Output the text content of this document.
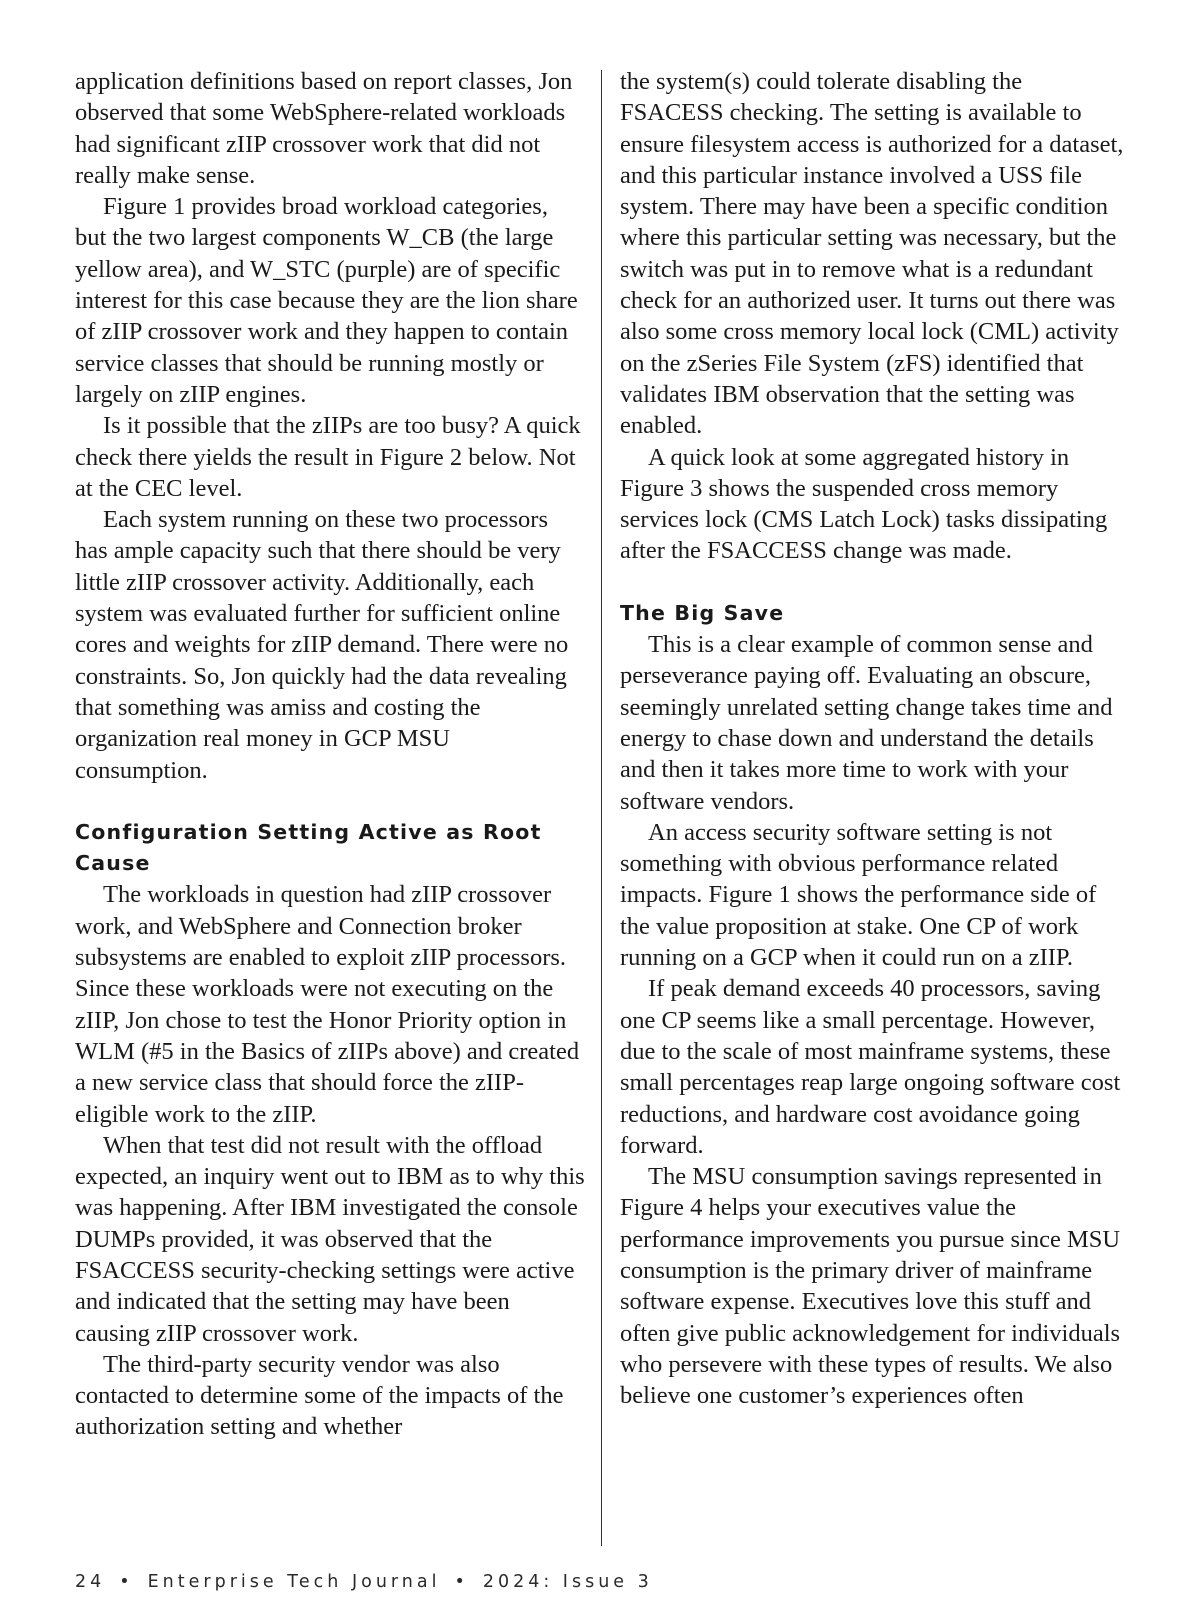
application definitions based on report classes, Jon observed that some WebSphere-related workloads had significant zIIP crossover work that did not really make sense.

Figure 1 provides broad workload categories, but the two largest components W_CB (the large yellow area), and W_STC (purple) are of specific interest for this case because they are the lion share of zIIP crossover work and they happen to contain service classes that should be running mostly or largely on zIIP engines.

Is it possible that the zIIPs are too busy? A quick check there yields the result in Figure 2 below. Not at the CEC level.

Each system running on these two processors has ample capacity such that there should be very little zIIP crossover activity. Additionally, each system was evaluated further for sufficient online cores and weights for zIIP demand. There were no constraints. So, Jon quickly had the data revealing that something was amiss and costing the organization real money in GCP MSU consumption.

Configuration Setting Active as Root Cause

The workloads in question had zIIP crossover work, and WebSphere and Connection broker subsystems are enabled to exploit zIIP processors. Since these workloads were not executing on the zIIP, Jon chose to test the Honor Priority option in WLM (#5 in the Basics of zIIPs above) and created a new service class that should force the zIIP-eligible work to the zIIP.

When that test did not result with the offload expected, an inquiry went out to IBM as to why this was happening. After IBM investigated the console DUMPs provided, it was observed that the FSACCESS security-checking settings were active and indicated that the setting may have been causing zIIP crossover work.

The third-party security vendor was also contacted to determine some of the impacts of the authorization setting and whether

the system(s) could tolerate disabling the FSACESS checking. The setting is available to ensure filesystem access is authorized for a dataset, and this particular instance involved a USS file system. There may have been a specific condition where this particular setting was necessary, but the switch was put in to remove what is a redundant check for an authorized user. It turns out there was also some cross memory local lock (CML) activity on the zSeries File System (zFS) identified that validates IBM observation that the setting was enabled.

A quick look at some aggregated history in Figure 3 shows the suspended cross memory services lock (CMS Latch Lock) tasks dissipating after the FSACCESS change was made.

The Big Save

This is a clear example of common sense and perseverance paying off. Evaluating an obscure, seemingly unrelated setting change takes time and energy to chase down and understand the details and then it takes more time to work with your software vendors.

An access security software setting is not something with obvious performance related impacts. Figure 1 shows the performance side of the value proposition at stake. One CP of work running on a GCP when it could run on a zIIP.

If peak demand exceeds 40 processors, saving one CP seems like a small percentage. However, due to the scale of most mainframe systems, these small percentages reap large ongoing software cost reductions, and hardware cost avoidance going forward.

The MSU consumption savings represented in Figure 4 helps your executives value the performance improvements you pursue since MSU consumption is the primary driver of mainframe software expense. Executives love this stuff and often give public acknowledgement for individuals who persevere with these types of results. We also believe one customer’s experiences often

24 • Enterprise Tech Journal • 2024: Issue 3
